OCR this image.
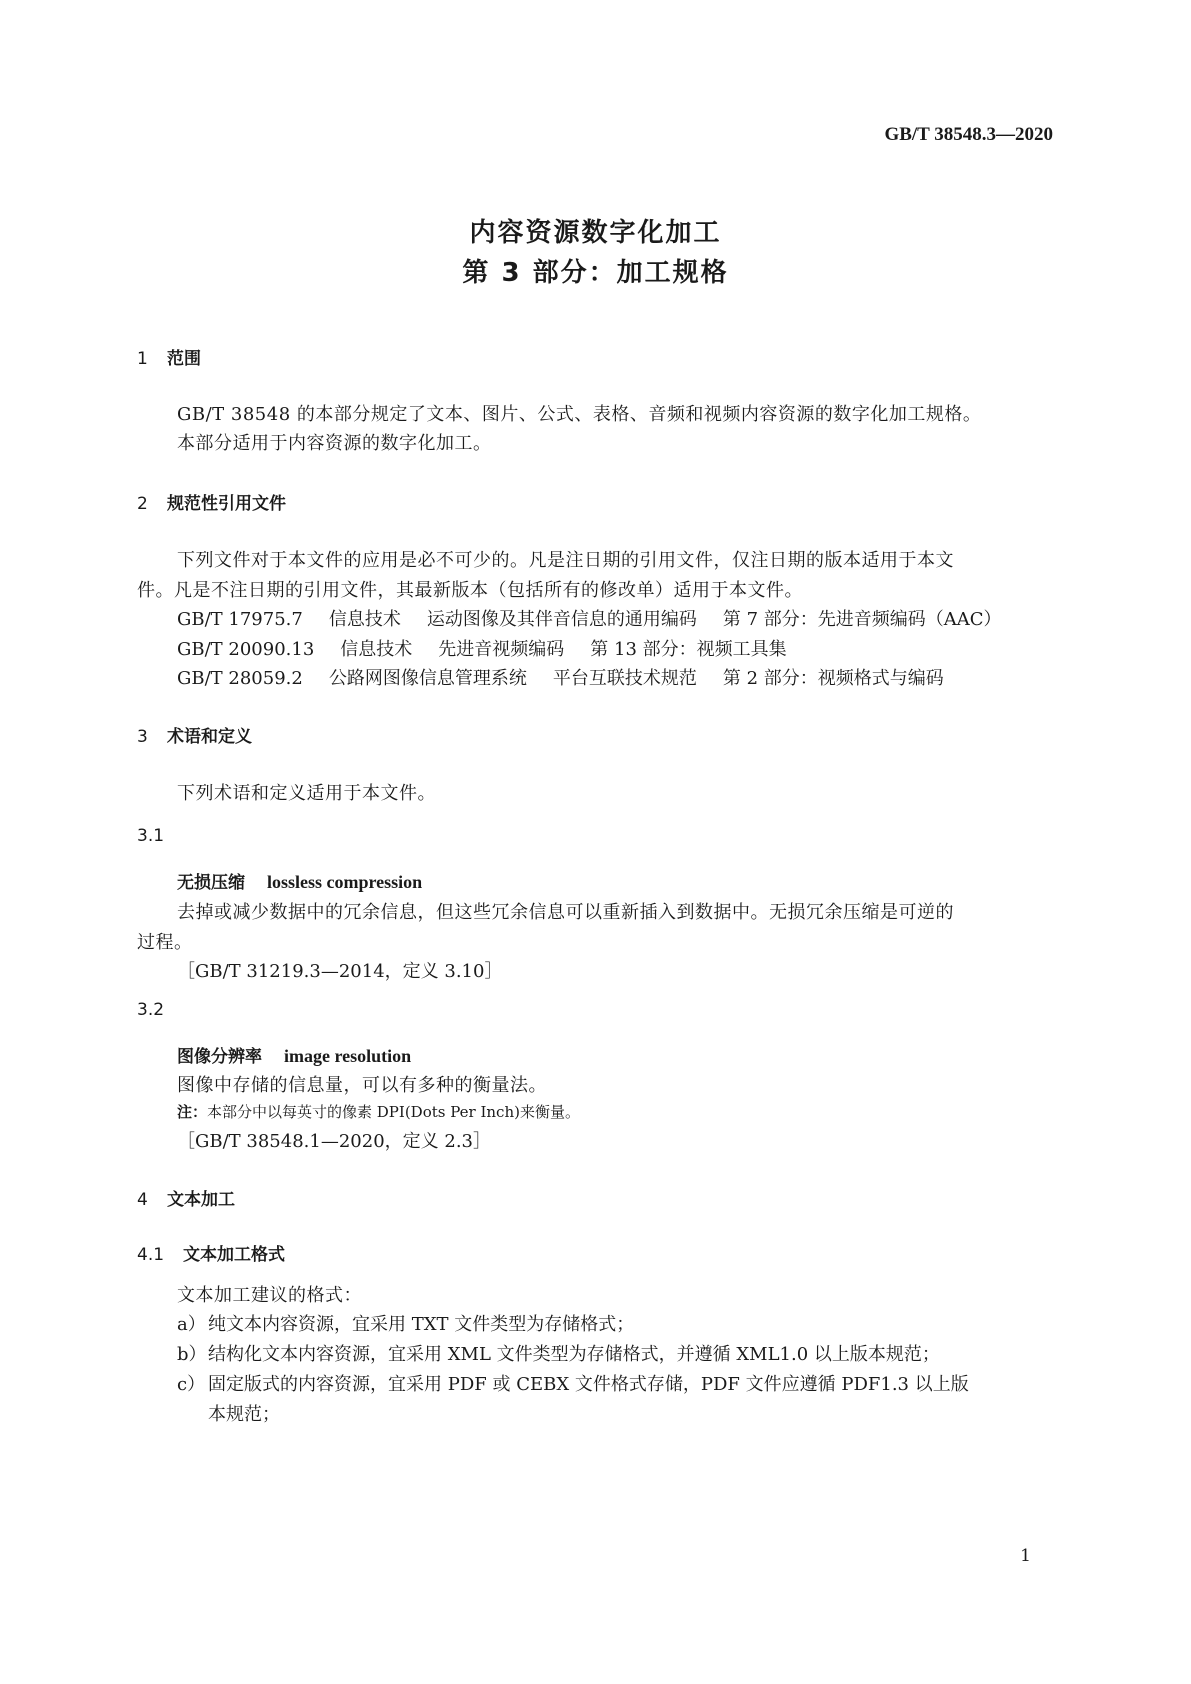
GB/T 38548.3—2020
内容资源数字化加工
第 3 部分：加工规格
1 范围
GB/T 38548 的本部分规定了文本、图片、公式、表格、音频和视频内容资源的数字化加工规格。
本部分适用于内容资源的数字化加工。
2 规范性引用文件
下列文件对于本文件的应用是必不可少的。凡是注日期的引用文件，仅注日期的版本适用于本文
件。凡是不注日期的引用文件，其最新版本（包括所有的修改单）适用于本文件。
GB/T 17975.7 信息技术 运动图像及其伴音信息的通用编码 第 7 部分：先进音频编码（AAC）
GB/T 20090.13 信息技术 先进音视频编码 第 13 部分：视频工具集
GB/T 28059.2 公路网图像信息管理系统 平台互联技术规范 第 2 部分：视频格式与编码
3 术语和定义
下列术语和定义适用于本文件。
3.1
无损压缩 lossless compression
去掉或减少数据中的冗余信息，但这些冗余信息可以重新插入到数据中。无损冗余压缩是可逆的
过程。
［GB/T 31219.3—2014，定义 3.10］
3.2
图像分辨率 image resolution
图像中存储的信息量，可以有多种的衡量法。
注：本部分中以每英寸的像素 DPI(Dots Per Inch)来衡量。
［GB/T 38548.1—2020，定义 2.3］
4 文本加工
4.1 文本加工格式
文本加工建议的格式：
a） 纯文本内容资源，宜采用 TXT 文件类型为存储格式；
b） 结构化文本内容资源，宜采用 XML 文件类型为存储格式，并遵循 XML1.0 以上版本规范；
c） 固定版式的内容资源，宜采用 PDF 或 CEBX 文件格式存储，PDF 文件应遵循 PDF1.3 以上版
本规范；
1
